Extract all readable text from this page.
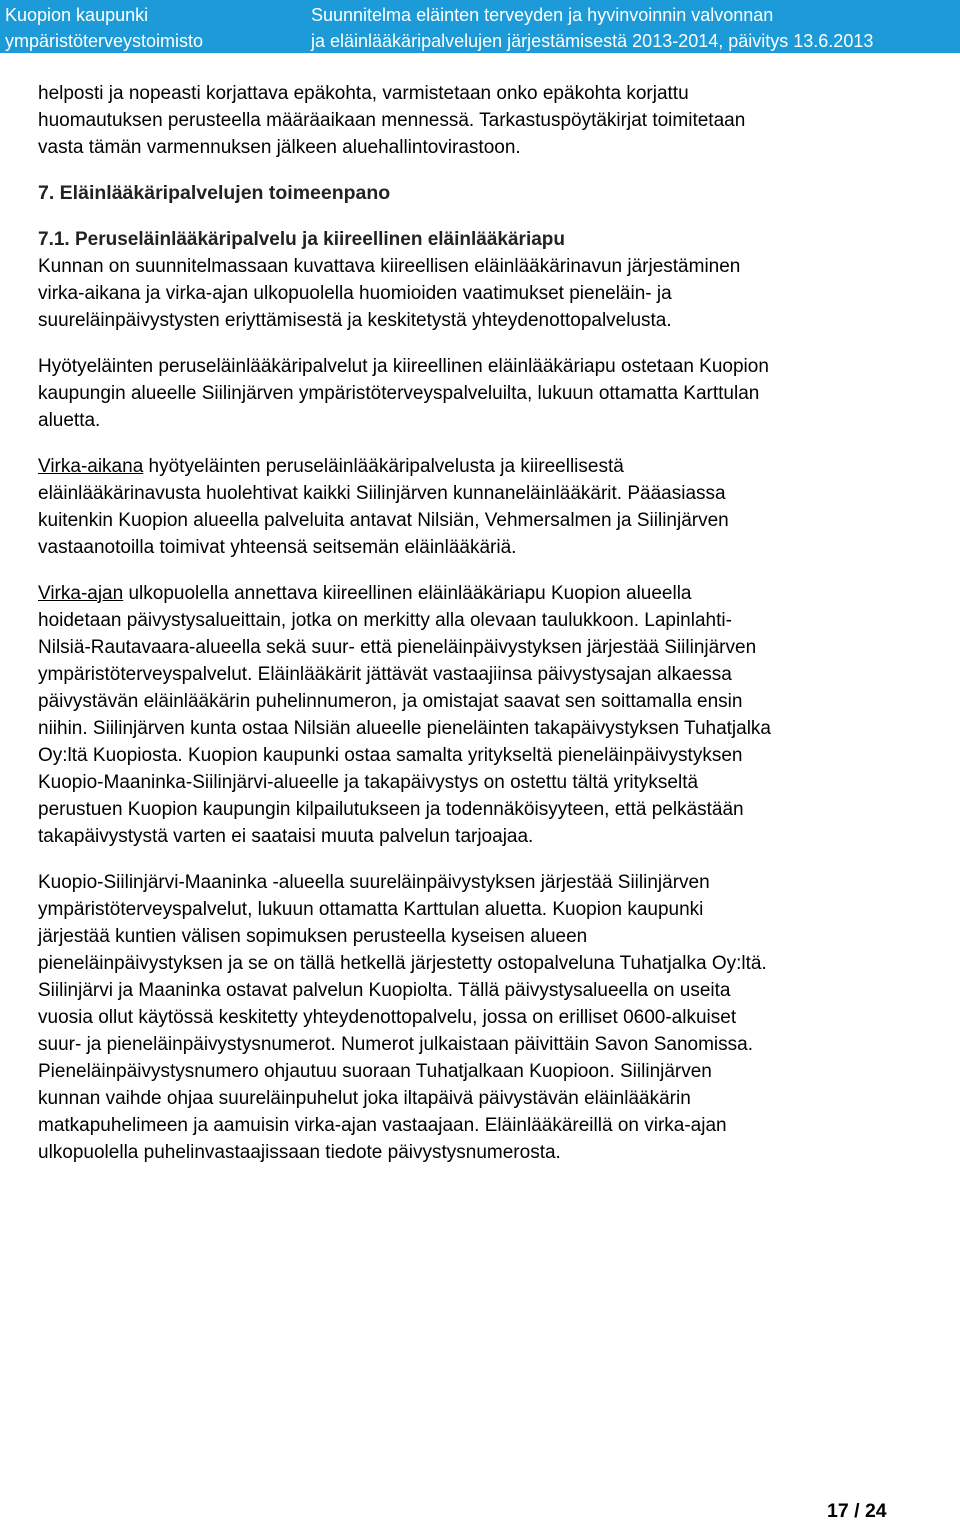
Kuopion kaupunki
ympäristöterveystoimisto
Suunnitelma eläinten terveyden ja hyvinvoinnin valvonnan
ja eläinlääkäripalvelujen järjestämisestä 2013-2014, päivitys 13.6.2013
helposti ja nopeasti korjattava epäkohta, varmistetaan onko epäkohta korjattu
huomautuksen perusteella määräaikaan mennessä. Tarkastuspöytäkirjat toimitetaan
vasta tämän varmennuksen jälkeen aluehallintovirastoon.
7. Eläinlääkäripalvelujen toimeenpano
7.1. Peruseläinlääkäripalvelu ja kiireellinen eläinlääkäriapu
Kunnan on suunnitelmassaan kuvattava kiireellisen eläinlääkärinavun järjestäminen
virka-aikana ja virka-ajan ulkopuolella huomioiden vaatimukset pieneläin- ja
suureläinpäivystysten eriyttämisestä ja keskitetystä yhteydenottopalvelusta.
Hyötyeläinten peruseläinlääkäripalvelut ja kiireellinen eläinlääkäriapu ostetaan Kuopion
kaupungin alueelle Siilinjärven ympäristöterveyspalveluilta, lukuun ottamatta Karttulan
aluetta.
Virka-aikana hyötyeläinten peruseläinlääkäripalvelusta ja kiireellisestä
eläinlääkärinavusta huolehtivat kaikki Siilinjärven kunnaneläinlääkärit. Pääasiassa
kuitenkin Kuopion alueella palveluita antavat Nilsiän, Vehmersalmen ja Siilinjärven
vastaanotoilla toimivat yhteensä seitsemän eläinlääkäriä.
Virka-ajan ulkopuolella annettava kiireellinen eläinlääkäriapu Kuopion alueella
hoidetaan päivystysalueittain, jotka on merkitty alla olevaan taulukkoon. Lapinlahti-
Nilsiä-Rautavaara-alueella sekä suur- että pieneläinpäivystyksen järjestää Siilinjärven
ympäristöterveyspalvelut. Eläinlääkärit jättävät vastaajiinsa päivystysajan alkaessa
päivystävän eläinlääkärin puhelinnumeron, ja omistajat saavat sen soittamalla ensin
niihin. Siilinjärven kunta ostaa Nilsiän alueelle pieneläinten takapäivystyksen Tuhatjalka
Oy:ltä Kuopiosta. Kuopion kaupunki ostaa samalta yritykseltä pieneläinpäivystyksen
Kuopio-Maaninka-Siilinjärvi-alueelle ja takapäivystys on ostettu tältä yritykseltä
perustuen Kuopion kaupungin kilpailutukseen ja todennäköisyyteen, että pelkästään
takapäivystystä varten ei saataisi muuta palvelun tarjoajaa.
Kuopio-Siilinjärvi-Maaninka -alueella suureläinpäivystyksen järjestää Siilinjärven
ympäristöterveyspalvelut, lukuun ottamatta Karttulan aluetta. Kuopion kaupunki
järjestää kuntien välisen sopimuksen perusteella kyseisen alueen
pieneläinpäivystyksen ja se on tällä hetkellä järjestetty ostopalveluna Tuhatjalka Oy:ltä.
Siilinjärvi ja Maaninka ostavat palvelun Kuopiolta. Tällä päivystysalueella on useita
vuosia ollut käytössä keskitetty yhteydenottopalvelu, jossa on erilliset 0600-alkuiset
suur- ja pieneläinpäivystysnumerot. Numerot julkaistaan päivittäin Savon Sanomissa.
Pieneläinpäivystysnumero ohjautuu suoraan Tuhatjalkaan Kuopioon. Siilinjärven
kunnan vaihde ohjaa suureläinpuhelut joka iltapäivä päivystävän eläinlääkärin
matkapuhelimeen ja aamuisin virka-ajan vastaajaan. Eläinlääkäreillä on virka-ajan
ulkopuolella puhelinvastaajissaan tiedote päivystysnumerosta.
17 / 24
